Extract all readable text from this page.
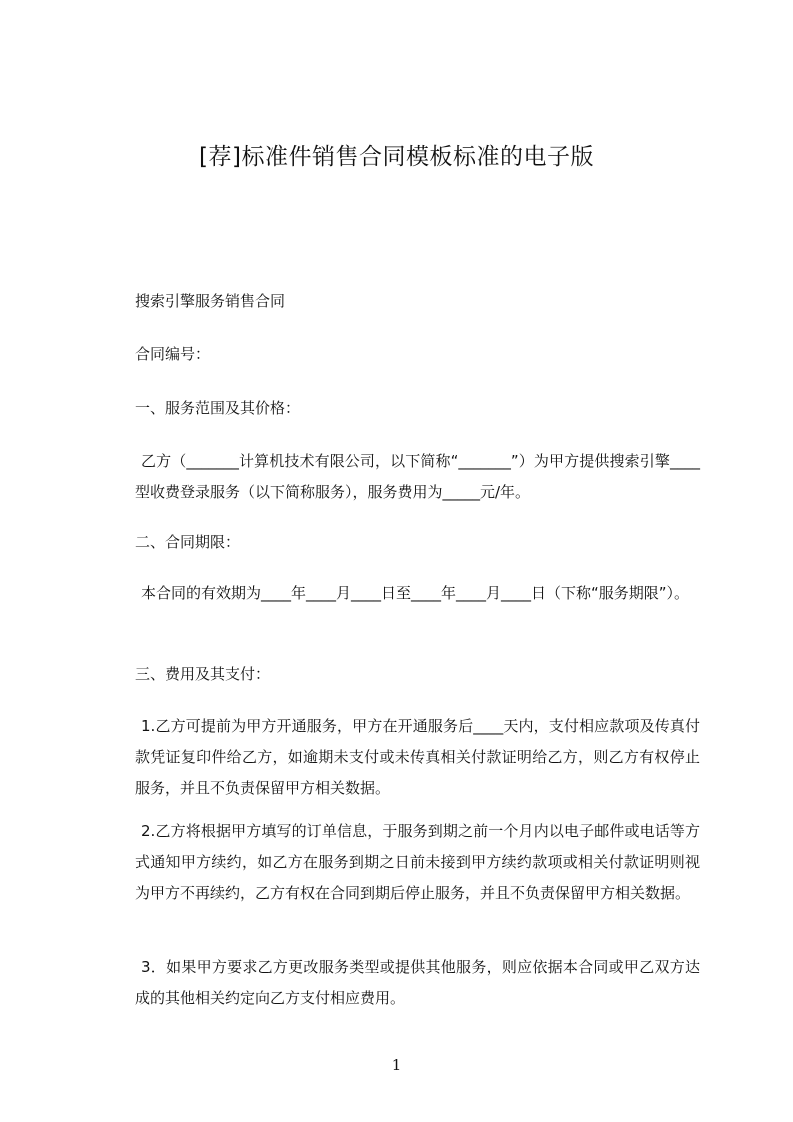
[荐]标准件销售合同模板标准的电子版
搜索引擎服务销售合同
合同编号：
一、服务范围及其价格：
乙方（_______计算机技术有限公司，以下简称“_______”）为甲方提供搜索引擎____型收费登录服务（以下简称服务），服务费用为_____元/年。
二、合同期限：
本合同的有效期为____年____月____日至____年____月____日（下称“服务期限”）。
三、费用及其支付：
1.乙方可提前为甲方开通服务，甲方在开通服务后____天内，支付相应款项及传真付款凭证复印件给乙方，如逾期未支付或未传真相关付款证明给乙方，则乙方有权停止服务，并且不负责保留甲方相关数据。
2.乙方将根据甲方填写的订单信息，于服务到期之前一个月内以电子邮件或电话等方式通知甲方续约，如乙方在服务到期之日前未接到甲方续约款项或相关付款证明则视为甲方不再续约，乙方有权在合同到期后停止服务，并且不负责保留甲方相关数据。
3．如果甲方要求乙方更改服务类型或提供其他服务，则应依据本合同或甲乙双方达成的其他相关约定向乙方支付相应费用。
1
